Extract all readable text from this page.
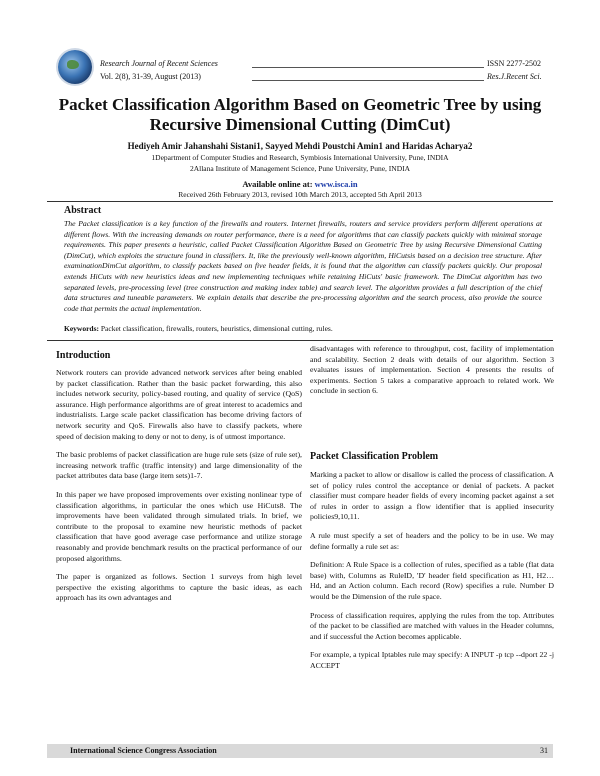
Research Journal of Recent Sciences
Vol. 2(8), 31-39, August (2013)
ISSN 2277-2502
Res.J.Recent Sci.
Packet Classification Algorithm Based on Geometric Tree by using Recursive Dimensional Cutting (DimCut)
Hediyeh Amir Jahanshahi Sistani1, Sayyed Mehdi Poustchi Amin1 and Haridas Acharya2
1Department of Computer Studies and Research, Symbiosis International University, Pune, INDIA
2Allana Institute of Management Science, Pune University, Pune, INDIA
Available online at: www.isca.in
Received 26th February 2013, revised 10th March 2013, accepted 5th April 2013
Abstract
The Packet classification is a key function of the firewalls and routers. Internet firewalls, routers and service providers perform different operations at different flows. With the increasing demands on router performance, there is a need for algorithms that can classify packets quickly with minimal storage requirements. This paper presents a heuristic, called Packet Classification Algorithm Based on Geometric Tree by using Recursive Dimensional Cutting (DimCut), which exploits the structure found in classifiers. It, like the previously well-known algorithm, HiCutsis based on a decision tree structure. After examinationDimCut algorithm, to classify packets based on five header fields, it is found that the algorithm can classify packets quickly. Our proposal extends HiCuts with new heuristics ideas and new implementing techniques while retaining HiCuts' basic framework. The DimCut algorithm has two separated levels, pre-processing level (tree construction and making index table) and search level. The algorithm provides a full description of the chief data structures and tuneable parameters. We explain details that describe the pre-processing algorithm and the search process, also provide the source code that permits the actual implementation.
Keywords: Packet classification, firewalls, routers, heuristics, dimensional cutting, rules.
Introduction

Network routers can provide advanced network services after being enabled by packet classification. Rather than the basic packet forwarding, this also includes network security, policy-based routing, and quality of service (QoS) assurance. High performance algorithms are of great interest to academics and industrialists. Large scale packet classification has become driving factors of network security and QoS. Firewalls also have to classify packets, where speed of decision making to deny or not to deny, is of utmost importance.

The basic problems of packet classification are huge rule sets (size of rule set), increasing network traffic (traffic intensity) and large dimensionality of the packet attributes data base (large item sets)1-7.

In this paper we have proposed improvements over existing nonlinear type of classification algorithms, in particular the ones which use HiCuts8. The improvements have been validated through simulated trials. In brief, we contribute to the proposal to examine new heuristic methods of packet classification that have good average case performance and utilize storage reasonably and provide benchmark results on the practical performance of our proposed algorithms.

The paper is organized as follows. Section 1 surveys from high level perspective the existing algorithms to capture the basic ideas, as each approach has its own advantages and

disadvantages with reference to throughput, cost, facility of implementation and scalability. Section 2 deals with details of our algorithm. Section 3 evaluates issues of implementation. Section 4 presents the results of experiments. Section 5 takes a comparative approach to related work. We conclude in section 6.

Packet Classification Problem

Marking a packet to allow or disallow is called the process of classification. A set of policy rules control the acceptance or denial of packets. A packet classifier must compare header fields of every incoming packet against a set of rules in order to assign a flow identifier that is applied insecurity policies9,10,11.

A rule must specify a set of headers and the policy to be in use. We may define formally a rule set as:

Definition: A Rule Space is a collection of rules, specified as a table (flat data base) with, Columns as RuleID, 'D' header field specification as H1, H2… Hd, and an Action column. Each record (Row) specifies a rule. Number D would be the Dimension of the rule space.

Process of classification requires, applying the rules from the top. Attributes of the packet to be classified are matched with values in the Header columns, and if successful the Action becomes applicable.

For example, a typical Iptables rule may specify: A INPUT -p tcp --dport 22 -j ACCEPT

International Science Congress Association	31
